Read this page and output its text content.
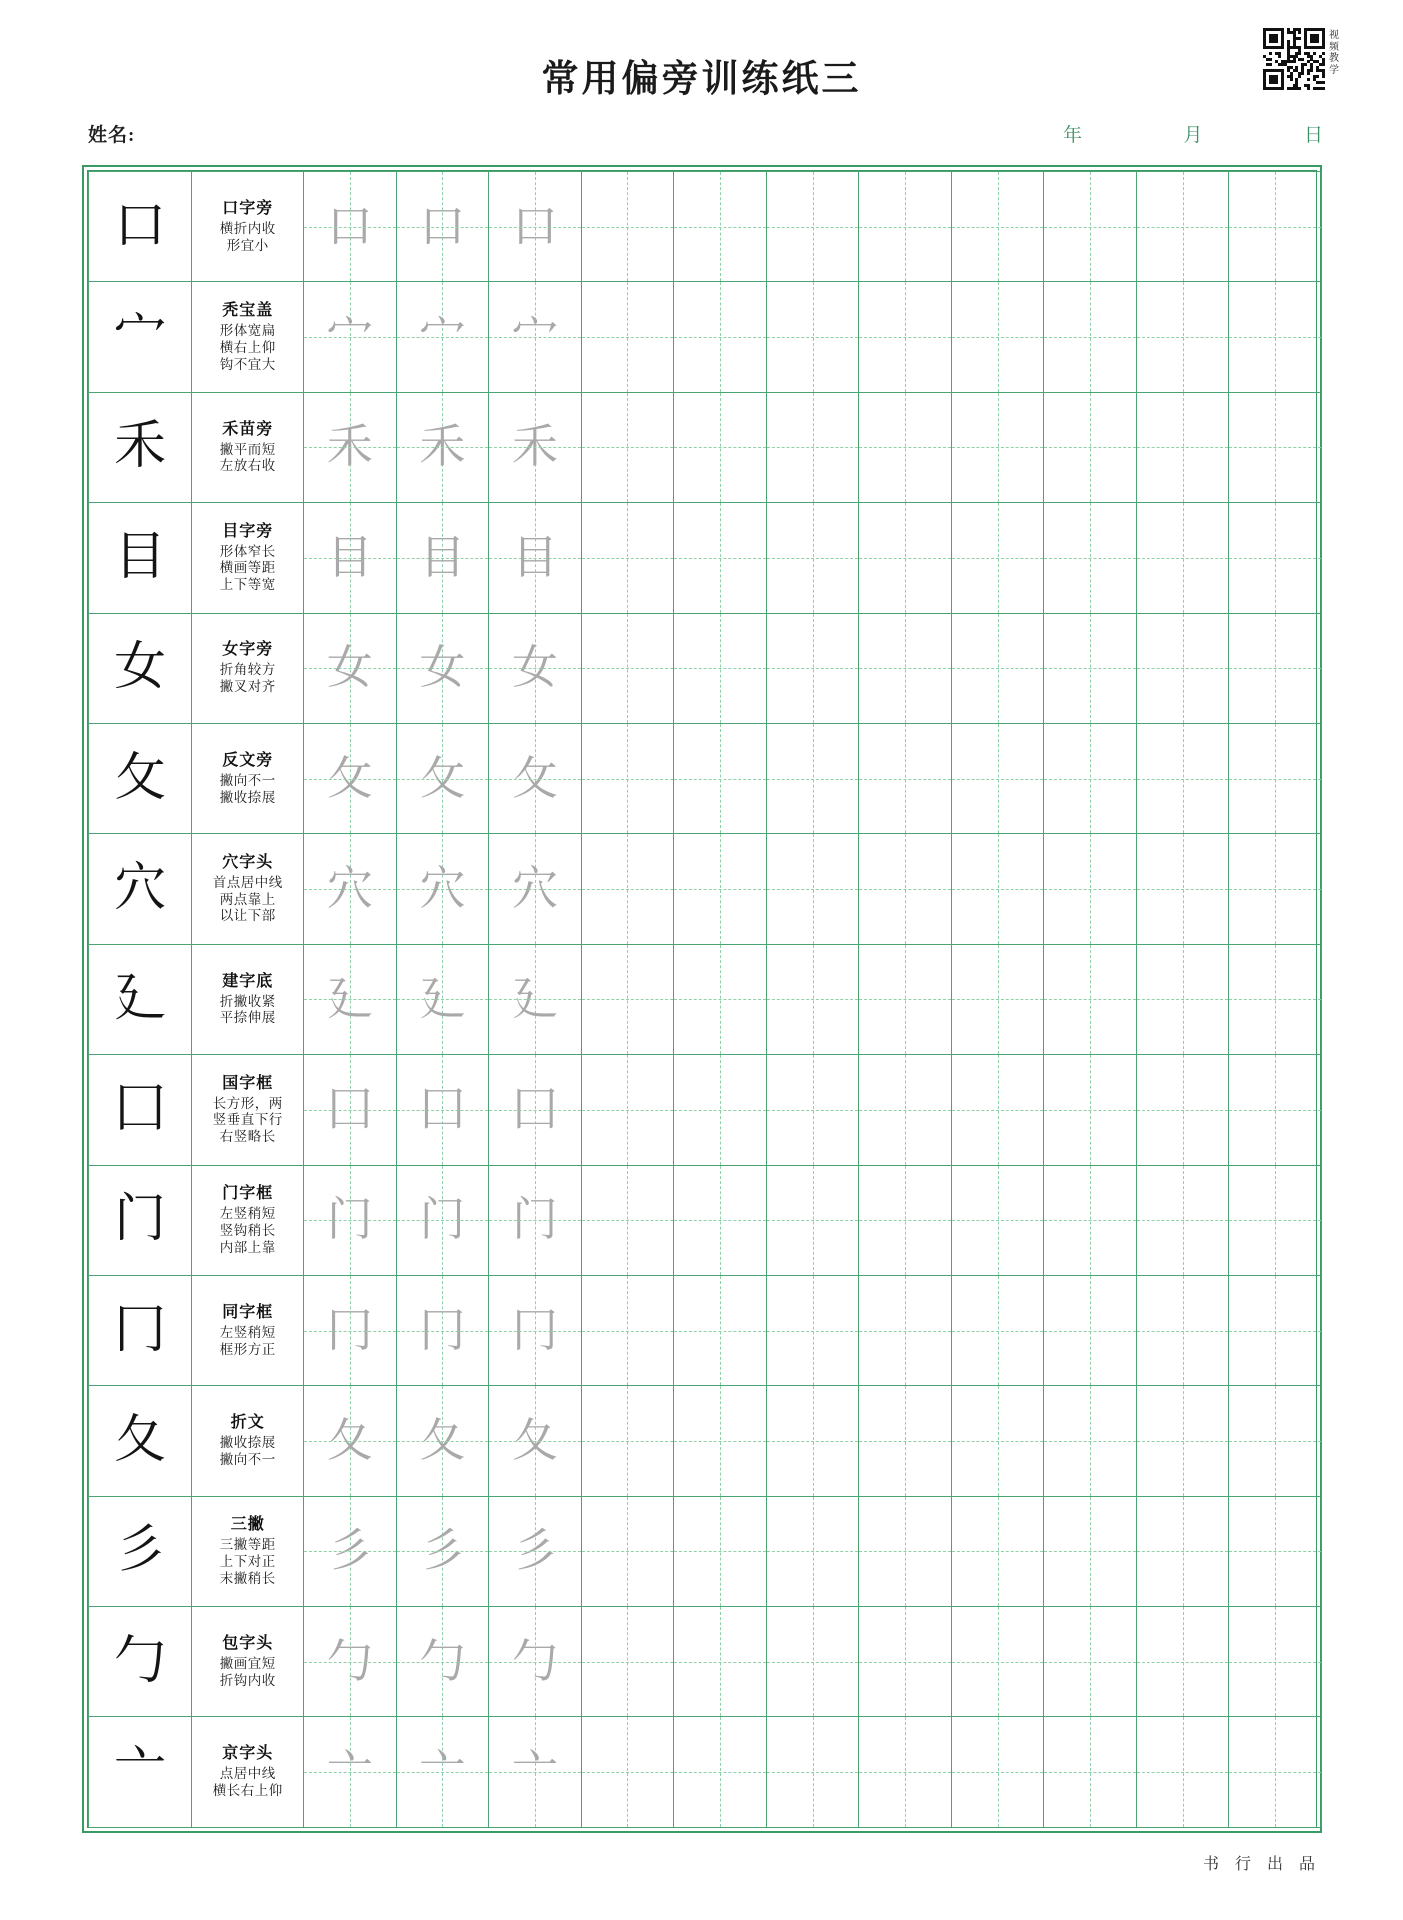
常用偏旁训练纸三
视频
教学
姓名:	年	月	日
口	口字旁
横折内收
形宜小	口	口	口								

宀	秃宝盖
形体宽扁
横右上仰
钩不宜大	宀	宀	宀								

禾	禾苗旁
撇平而短
左放右收	禾	禾	禾								

目	目字旁
形体窄长
横画等距
上下等宽	目	目	目								

女	女字旁
折角较方
撇叉对齐	女	女	女								

攵	反文旁
撇向不一
撇收捺展	攵	攵	攵								

穴	穴字头
首点居中线
两点靠上
以让下部	穴	穴	穴								

廴	建字底
折撇收紧
平捺伸展	廴	廴	廴								

囗	国字框
长方形，两
竖垂直下行
右竖略长	囗	囗	囗								

门	门字框
左竖稍短
竖钩稍长
内部上靠	门	门	门								

冂	同字框
左竖稍短
框形方正	冂	冂	冂								

夂	折文
撇收捺展
撇向不一	夂	夂	夂								

彡	三撇
三撇等距
上下对正
末撇稍长	彡	彡	彡								

勹	包字头
撇画宜短
折钩内收	勹	勹	勹								

亠	京字头
点居中线
横长右上仰	亠	亠	亠								

书 行 出 品
